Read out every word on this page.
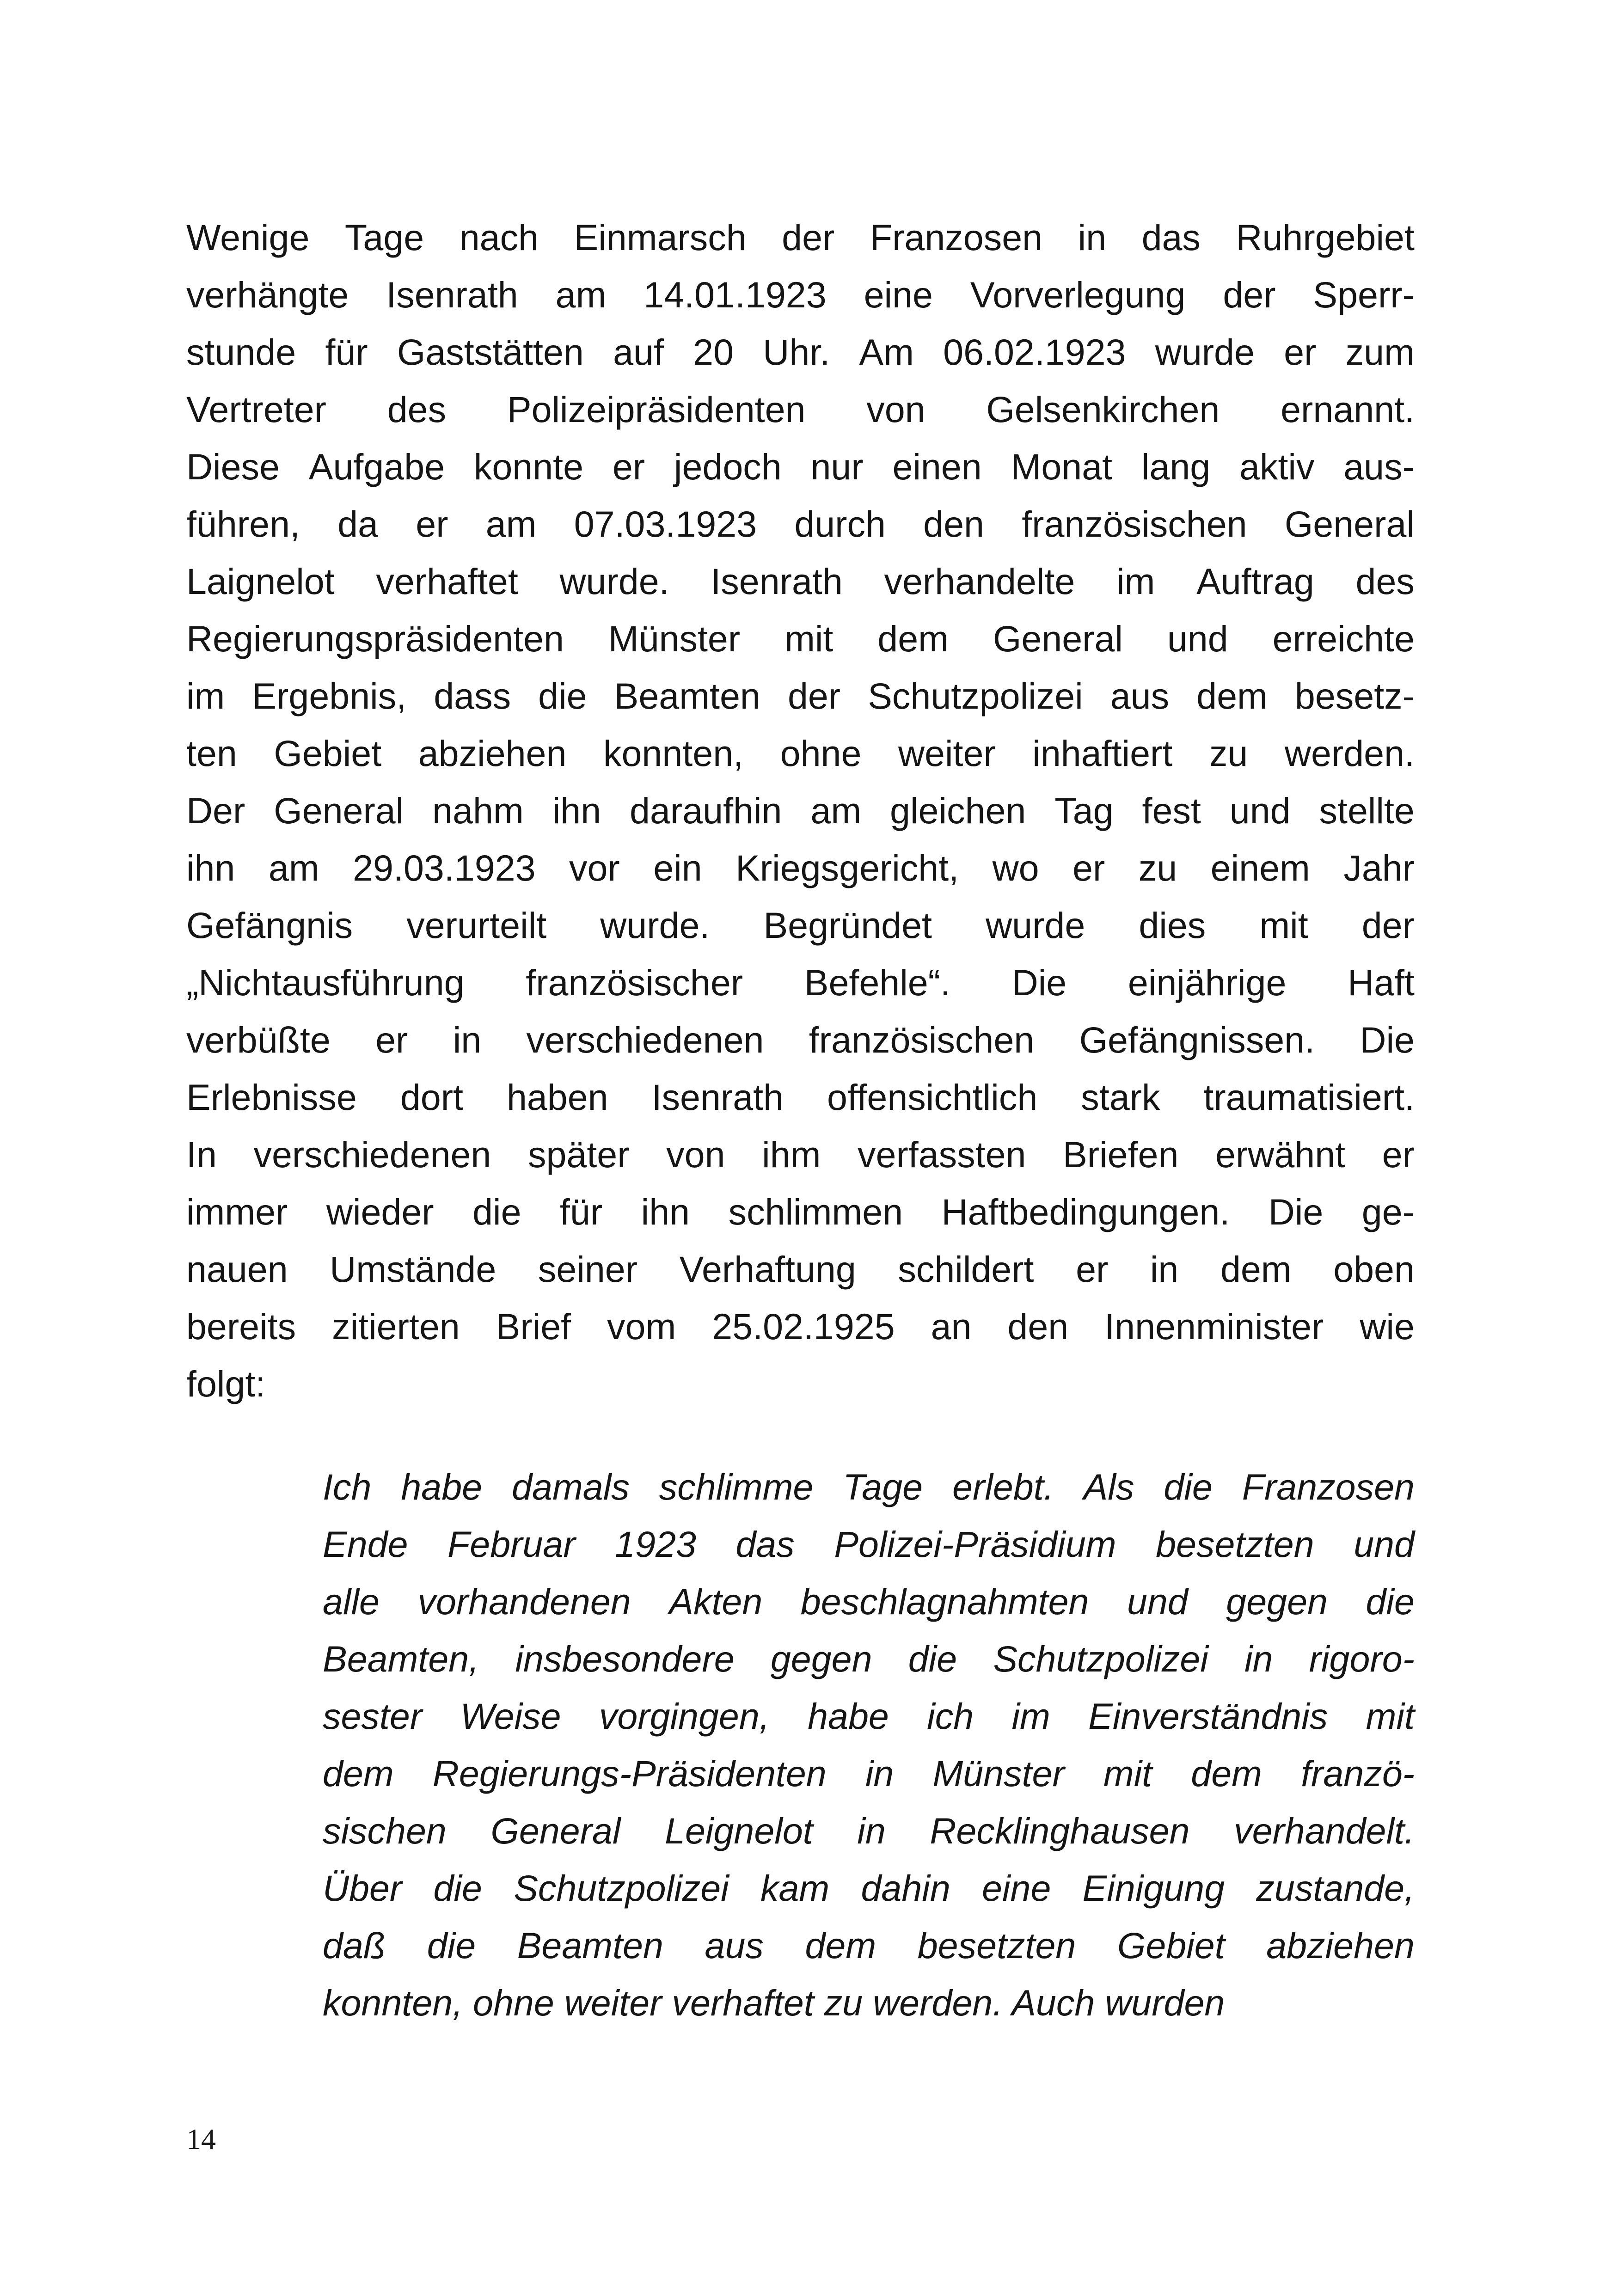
Wenige Tage nach Einmarsch der Franzosen in das Ruhrgebiet
verhängte Isenrath am 14.01.1923 eine Vorverlegung der Sperr-
stunde für Gaststätten auf 20 Uhr. Am 06.02.1923 wurde er zum
Vertreter des Polizeipräsidenten von Gelsenkirchen ernannt.
Diese Aufgabe konnte er jedoch nur einen Monat lang aktiv aus-
führen, da er am 07.03.1923 durch den französischen General
Laignelot verhaftet wurde. Isenrath verhandelte im Auftrag des
Regierungspräsidenten Münster mit dem General und erreichte
im Ergebnis, dass die Beamten der Schutzpolizei aus dem besetz-
ten Gebiet abziehen konnten, ohne weiter inhaftiert zu werden.
Der General nahm ihn daraufhin am gleichen Tag fest und stellte
ihn am 29.03.1923 vor ein Kriegsgericht, wo er zu einem Jahr
Gefängnis verurteilt wurde. Begründet wurde dies mit der
„Nichtausführung französischer Befehle“. Die einjährige Haft
verbüßte er in verschiedenen französischen Gefängnissen. Die
Erlebnisse dort haben Isenrath offensichtlich stark traumatisiert.
In verschiedenen später von ihm verfassten Briefen erwähnt er
immer wieder die für ihn schlimmen Haftbedingungen. Die ge-
nauen Umstände seiner Verhaftung schildert er in dem oben
bereits zitierten Brief vom 25.02.1925 an den Innenminister wie
folgt:
Ich habe damals schlimme Tage erlebt. Als die Franzosen
Ende Februar 1923 das Polizei-Präsidium besetzten und
alle vorhandenen Akten beschlagnahmten und gegen die
Beamten, insbesondere gegen die Schutzpolizei in rigoro-
sester Weise vorgingen, habe ich im Einverständnis mit
dem Regierungs-Präsidenten in Münster mit dem franzö-
sischen General Leignelot in Recklinghausen verhandelt.
Über die Schutzpolizei kam dahin eine Einigung zustande,
daß die Beamten aus dem besetzten Gebiet abziehen
konnten, ohne weiter verhaftet zu werden. Auch wurden
14
